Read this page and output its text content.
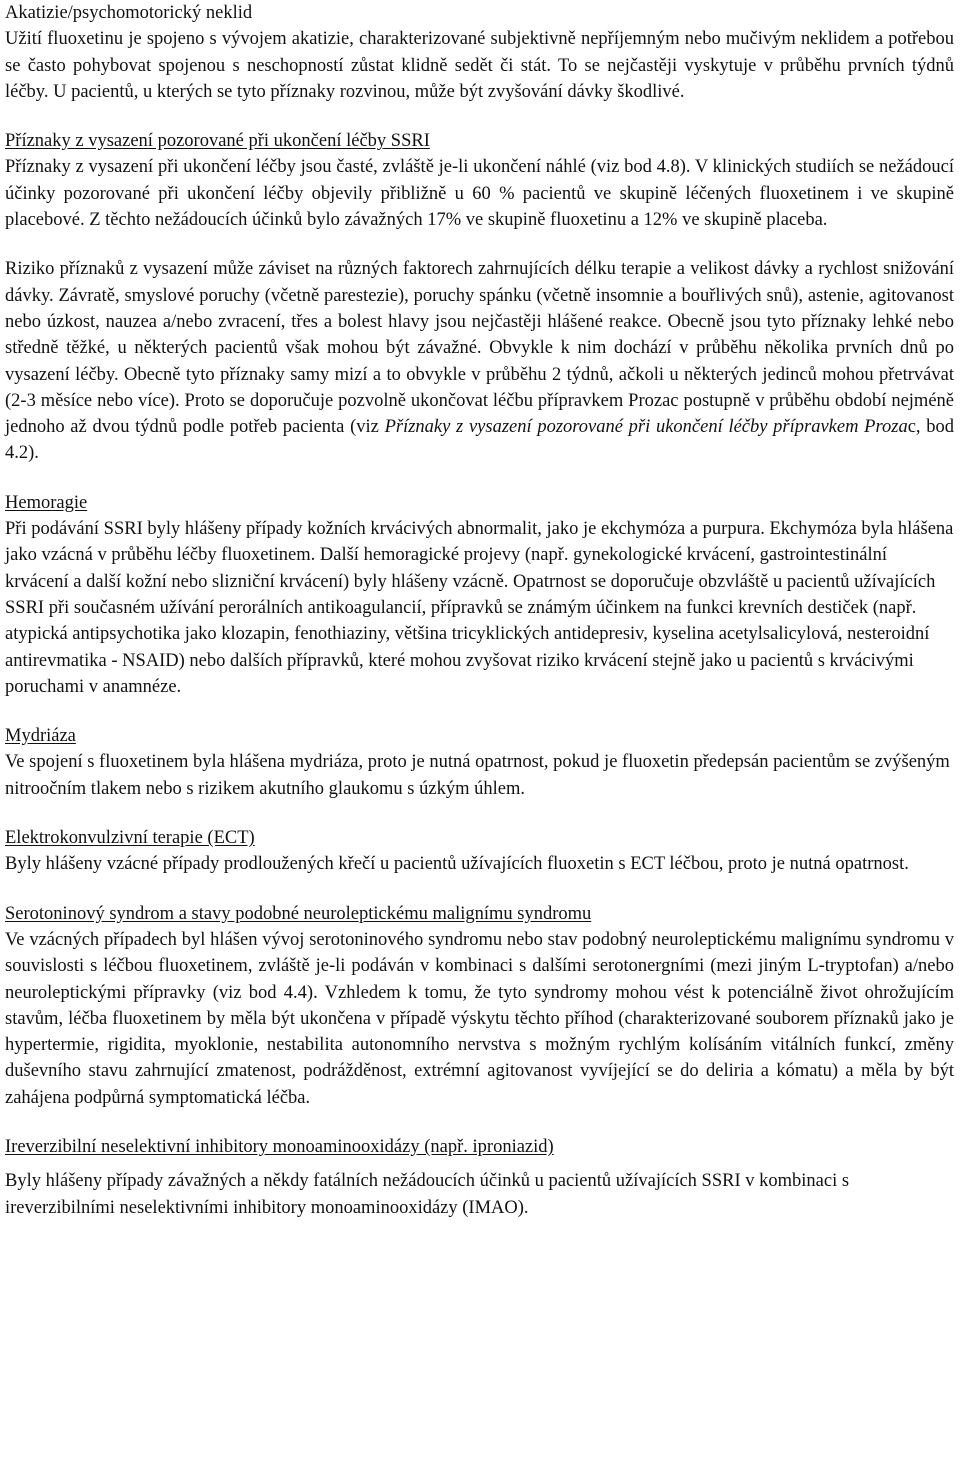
Akatizie/psychomotorický neklid

Užití fluoxetinu je spojeno s vývojem akatizie, charakterizované subjektivně nepříjemným nebo mučivým neklidem a potřebou se často pohybovat spojenou s neschopností zůstat klidně sedět či stát. To se nejčastěji vyskytuje v průběhu prvních týdnů léčby. U pacientů, u kterých se tyto příznaky rozvinou, může být zvyšování dávky škodlivé.

Příznaky z vysazení pozorované při ukončení léčby SSRI

Příznaky z vysazení při ukončení léčby jsou časté, zvláště je-li ukončení náhlé (viz bod 4.8). V klinických studiích se nežádoucí účinky pozorované při ukončení léčby objevily přibližně u 60 % pacientů ve skupině léčených fluoxetinem i ve skupině placebové. Z těchto nežádoucích účinků bylo závažných 17% ve skupině fluoxetinu a 12% ve skupině placeba.

Riziko příznaků z vysazení může záviset na různých faktorech zahrnujících délku terapie a velikost dávky a rychlost snižování dávky. Závratě, smyslové poruchy (včetně parestezie), poruchy spánku (včetně insomnie a bouřlivých snů), astenie, agitovanost nebo úzkost, nauzea a/nebo zvracení, třes a bolest hlavy jsou nejčastěji hlášené reakce. Obecně jsou tyto příznaky lehké nebo středně těžké, u některých pacientů však mohou být závažné. Obvykle k nim dochází v průběhu několika prvních dnů po vysazení léčby. Obecně tyto příznaky samy mizí a to obvykle v průběhu 2 týdnů, ačkoli u některých jedinců mohou přetrvávat (2-3 měsíce nebo více). Proto se doporučuje pozvolně ukončovat léčbu přípravkem Prozac postupně v průběhu období nejméně jednoho až dvou týdnů podle potřeb pacienta (viz Příznaky z vysazení pozorované při ukončení léčby přípravkem Prozac, bod 4.2).

Hemoragie

Při podávání SSRI byly hlášeny případy kožních krvácivých abnormalit, jako je ekchymóza a purpura. Ekchymóza byla hlášena jako vzácná v průběhu léčby fluoxetinem. Další hemoragické projevy (např. gynekologické krvácení, gastrointestinální krvácení a další kožní nebo slizniční krvácení) byly hlášeny vzácně. Opatrnost se doporučuje obzvláště u pacientů užívajících SSRI při současném užívání perorálních antikoagulancií, přípravků se známým účinkem na funkci krevních destiček (např. atypická antipsychotika jako klozapin, fenothiaziny, většina tricyklických antidepresiv, kyselina acetylsalicylová, nesteroidní antirevmatika - NSAID) nebo dalších přípravků, které mohou zvyšovat riziko krvácení stejně jako u pacientů s krvácivými poruchami v anamnéze.

Mydriáza

Ve spojení s fluoxetinem byla hlášena mydriáza, proto je nutná opatrnost, pokud je fluoxetin předepsán pacientům se zvýšeným nitroočním tlakem nebo s rizikem akutního glaukomu s úzkým úhlem.

Elektrokonvulzivní terapie (ECT)

Byly hlášeny vzácné případy prodloužených křečí u pacientů užívajících fluoxetin s ECT léčbou, proto je nutná opatrnost.

Serotoninový syndrom a stavy podobné neuroleptickému malignímu syndromu

Ve vzácných případech byl hlášen vývoj serotoninového syndromu nebo stav podobný neuroleptickému malignímu syndromu v souvislosti s léčbou fluoxetinem, zvláště je-li podáván v kombinaci s dalšími serotonergními (mezi jiným L-tryptofan) a/nebo neuroleptickými přípravky (viz bod 4.4). Vzhledem k tomu, že tyto syndromy mohou vést k potenciálně život ohrožujícím stavům, léčba fluoxetinem by měla být ukončena v případě výskytu těchto příhod (charakterizované souborem příznaků jako je hypertermie, rigidita, myoklonie, nestabilita autonomního nervstva s možným rychlým kolísáním vitálních funkcí, změny duševního stavu zahrnující zmatenost, podrážděnost, extrémní agitovanost vyvíjející se do deliria a kómatu) a měla by být zahájena podpůrná symptomatická léčba.

Ireverzibilní neselektivní inhibitory monoaminooxidázy (např. iproniazid)

Byly hlášeny případy závažných a někdy fatálních nežádoucích účinků u pacientů užívajících SSRI v kombinaci s ireverzibilními neselektivními inhibitory monoaminooxidázy (IMAO).
